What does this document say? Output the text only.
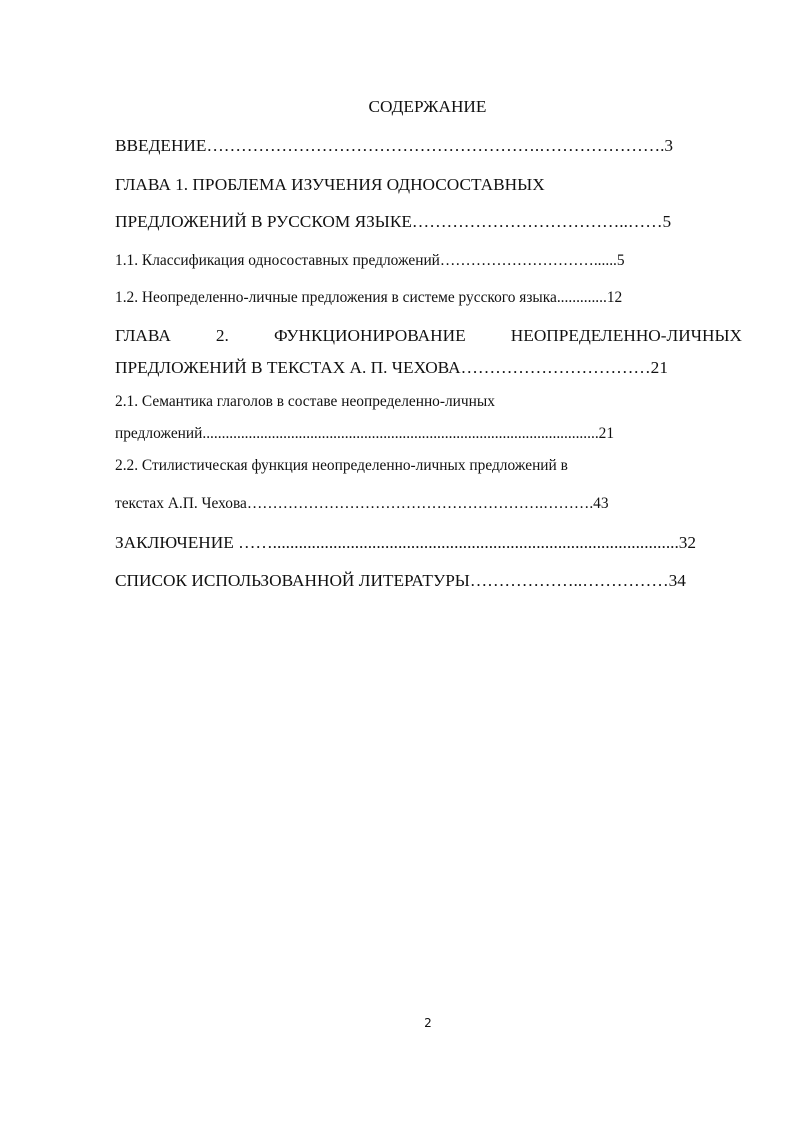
СОДЕРЖАНИЕ
ВВЕДЕНИЕ………………………………………………….………………….3
ГЛАВА 1. ПРОБЛЕМА ИЗУЧЕНИЯ ОДНОСОСТАВНЫХ
ПРЕДЛОЖЕНИЙ В РУССКОМ ЯЗЫКЕ………………………………..……5
1.1. Классификация односоставных предложений…………………………......5
1.2. Неопределенно-личные предложения в системе русского языка.............12
ГЛАВА	2.	ФУНКЦИОНИРОВАНИЕ	НЕОПРЕДЕЛЕННО-ЛИЧНЫХ
ПРЕДЛОЖЕНИЙ В ТЕКСТАХ А. П. ЧЕХОВА……………………………21
2.1. Семантика глаголов в составе неопределенно-личных
предложений.......................................................................................................21
2.2. Стилистическая функция неопределенно-личных предложений в
текстах А.П. Чехова………………………………………………….……….43
ЗАКЛЮЧЕНИЕ ……..............................................................................................32
СПИСОК ИСПОЛЬЗОВАННОЙ ЛИТЕРАТУРЫ………………..……………34
2
